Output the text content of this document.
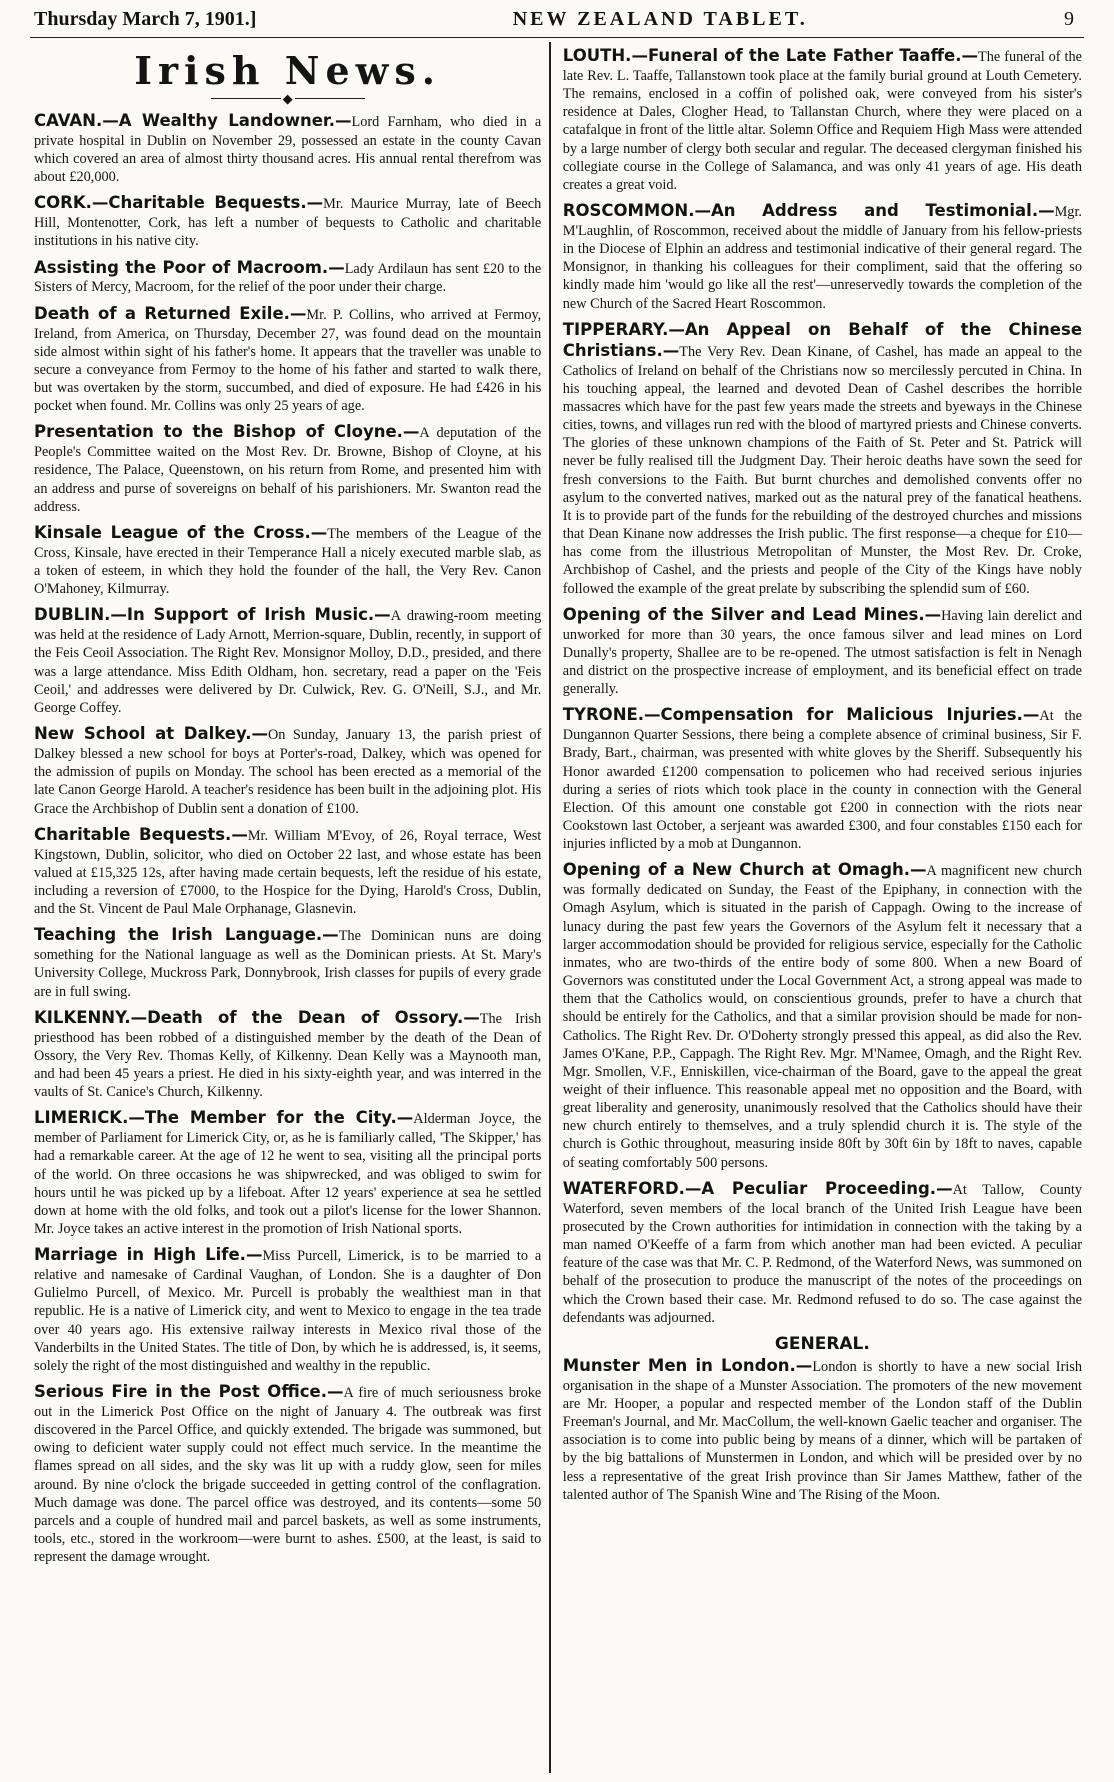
Thursday March 7, 1901.]	NEW ZEALAND TABLET.	9
Irish News.
◆

CAVAN.—A Wealthy Landowner.—Lord Farnham, who died in a private hospital in Dublin on November 29, possessed an estate in the county Cavan which covered an area of almost thirty thousand acres. His annual rental therefrom was about £20,000.

CORK.—Charitable Bequests.—Mr. Maurice Murray, late of Beech Hill, Montenotter, Cork, has left a number of bequests to Catholic and charitable institutions in his native city.

Assisting the Poor of Macroom.—Lady Ardilaun has sent £20 to the Sisters of Mercy, Macroom, for the relief of the poor under their charge.

Death of a Returned Exile.—Mr. P. Collins, who arrived at Fermoy, Ireland, from America, on Thursday, December 27, was found dead on the mountain side almost within sight of his father's home. It appears that the traveller was unable to secure a conveyance from Fermoy to the home of his father and started to walk there, but was overtaken by the storm, succumbed, and died of exposure. He had £426 in his pocket when found. Mr. Collins was only 25 years of age.

Presentation to the Bishop of Cloyne.—A deputation of the People's Committee waited on the Most Rev. Dr. Browne, Bishop of Cloyne, at his residence, The Palace, Queenstown, on his return from Rome, and presented him with an address and purse of sovereigns on behalf of his parishioners. Mr. Swanton read the address.

Kinsale League of the Cross.—The members of the League of the Cross, Kinsale, have erected in their Temperance Hall a nicely executed marble slab, as a token of esteem, in which they hold the founder of the hall, the Very Rev. Canon O'Mahoney, Kilmurray.

DUBLIN.—In Support of Irish Music.—A drawing-room meeting was held at the residence of Lady Arnott, Merrion-square, Dublin, recently, in support of the Feis Ceoil Association. The Right Rev. Monsignor Molloy, D.D., presided, and there was a large attendance. Miss Edith Oldham, hon. secretary, read a paper on the 'Feis Ceoil,' and addresses were delivered by Dr. Culwick, Rev. G. O'Neill, S.J., and Mr. George Coffey.

New School at Dalkey.—On Sunday, January 13, the parish priest of Dalkey blessed a new school for boys at Porter's-road, Dalkey, which was opened for the admission of pupils on Monday. The school has been erected as a memorial of the late Canon George Harold. A teacher's residence has been built in the adjoining plot. His Grace the Archbishop of Dublin sent a donation of £100.

Charitable Bequests.—Mr. William M'Evoy, of 26, Royal terrace, West Kingstown, Dublin, solicitor, who died on October 22 last, and whose estate has been valued at £15,325 12s, after having made certain bequests, left the residue of his estate, including a reversion of £7000, to the Hospice for the Dying, Harold's Cross, Dublin, and the St. Vincent de Paul Male Orphanage, Glasnevin.

Teaching the Irish Language.—The Dominican nuns are doing something for the National language as well as the Dominican priests. At St. Mary's University College, Muckross Park, Donnybrook, Irish classes for pupils of every grade are in full swing.

KILKENNY.—Death of the Dean of Ossory.—The Irish priesthood has been robbed of a distinguished member by the death of the Dean of Ossory, the Very Rev. Thomas Kelly, of Kilkenny. Dean Kelly was a Maynooth man, and had been 45 years a priest. He died in his sixty-eighth year, and was interred in the vaults of St. Canice's Church, Kilkenny.

LIMERICK.—The Member for the City.—Alderman Joyce, the member of Parliament for Limerick City, or, as he is familiarly called, 'The Skipper,' has had a remarkable career. At the age of 12 he went to sea, visiting all the principal ports of the world. On three occasions he was shipwrecked, and was obliged to swim for hours until he was picked up by a lifeboat. After 12 years' experience at sea he settled down at home with the old folks, and took out a pilot's license for the lower Shannon. Mr. Joyce takes an active interest in the promotion of Irish National sports.

Marriage in High Life.—Miss Purcell, Limerick, is to be married to a relative and namesake of Cardinal Vaughan, of London. She is a daughter of Don Gulielmo Purcell, of Mexico. Mr. Purcell is probably the wealthiest man in that republic. He is a native of Limerick city, and went to Mexico to engage in the tea trade over 40 years ago. His extensive railway interests in Mexico rival those of the Vanderbilts in the United States. The title of Don, by which he is addressed, is, it seems, solely the right of the most distinguished and wealthy in the republic.

Serious Fire in the Post Office.—A fire of much seriousness broke out in the Limerick Post Office on the night of January 4. The outbreak was first discovered in the Parcel Office, and quickly extended. The brigade was summoned, but owing to deficient water supply could not effect much service. In the meantime the flames spread on all sides, and the sky was lit up with a ruddy glow, seen for miles around. By nine o'clock the brigade succeeded in getting control of the conflagration. Much damage was done. The parcel office was destroyed, and its contents—some 50 parcels and a couple of hundred mail and parcel baskets, as well as some instruments, tools, etc., stored in the workroom—were burnt to ashes. £500, at the least, is said to represent the damage wrought.

LOUTH.—Funeral of the Late Father Taaffe.—The funeral of the late Rev. L. Taaffe, Tallanstown took place at the family burial ground at Louth Cemetery. The remains, enclosed in a coffin of polished oak, were conveyed from his sister's residence at Dales, Clogher Head, to Tallanstan Church, where they were placed on a catafalque in front of the little altar. Solemn Office and Requiem High Mass were attended by a large number of clergy both secular and regular. The deceased clergyman finished his collegiate course in the College of Salamanca, and was only 41 years of age. His death creates a great void.

ROSCOMMON.—An Address and Testimonial.—Mgr. M'Laughlin, of Roscommon, received about the middle of January from his fellow-priests in the Diocese of Elphin an address and testimonial indicative of their general regard. The Monsignor, in thanking his colleagues for their compliment, said that the offering so kindly made him 'would go like all the rest'—unreservedly towards the completion of the new Church of the Sacred Heart Roscommon.

TIPPERARY.—An Appeal on Behalf of the Chinese Christians.—The Very Rev. Dean Kinane, of Cashel, has made an appeal to the Catholics of Ireland on behalf of the Christians now so mercilessly percuted in China. In his touching appeal, the learned and devoted Dean of Cashel describes the horrible massacres which have for the past few years made the streets and byeways in the Chinese cities, towns, and villages run red with the blood of martyred priests and Chinese converts. The glories of these unknown champions of the Faith of St. Peter and St. Patrick will never be fully realised till the Judgment Day. Their heroic deaths have sown the seed for fresh conversions to the Faith. But burnt churches and demolished convents offer no asylum to the converted natives, marked out as the natural prey of the fanatical heathens. It is to provide part of the funds for the rebuilding of the destroyed churches and missions that Dean Kinane now addresses the Irish public. The first response—a cheque for £10—has come from the illustrious Metropolitan of Munster, the Most Rev. Dr. Croke, Archbishop of Cashel, and the priests and people of the City of the Kings have nobly followed the example of the great prelate by subscribing the splendid sum of £60.

Opening of the Silver and Lead Mines.—Having lain derelict and unworked for more than 30 years, the once famous silver and lead mines on Lord Dunally's property, Shallee are to be re-opened. The utmost satisfaction is felt in Nenagh and district on the prospective increase of employment, and its beneficial effect on trade generally.

TYRONE.—Compensation for Malicious Injuries.—At the Dungannon Quarter Sessions, there being a complete absence of criminal business, Sir F. Brady, Bart., chairman, was presented with white gloves by the Sheriff. Subsequently his Honor awarded £1200 compensation to policemen who had received serious injuries during a series of riots which took place in the county in connection with the General Election. Of this amount one constable got £200 in connection with the riots near Cookstown last October, a serjeant was awarded £300, and four constables £150 each for injuries inflicted by a mob at Dungannon.

Opening of a New Church at Omagh.—A magnificent new church was formally dedicated on Sunday, the Feast of the Epiphany, in connection with the Omagh Asylum, which is situated in the parish of Cappagh. Owing to the increase of lunacy during the past few years the Governors of the Asylum felt it necessary that a larger accommodation should be provided for religious service, especially for the Catholic inmates, who are two-thirds of the entire body of some 800. When a new Board of Governors was constituted under the Local Government Act, a strong appeal was made to them that the Catholics would, on conscientious grounds, prefer to have a church that should be entirely for the Catholics, and that a similar provision should be made for non-Catholics. The Right Rev. Dr. O'Doherty strongly pressed this appeal, as did also the Rev. James O'Kane, P.P., Cappagh. The Right Rev. Mgr. M'Namee, Omagh, and the Right Rev. Mgr. Smollen, V.F., Enniskillen, vice-chairman of the Board, gave to the appeal the great weight of their influence. This reasonable appeal met no opposition and the Board, with great liberality and generosity, unanimously resolved that the Catholics should have their new church entirely to themselves, and a truly splendid church it is. The style of the church is Gothic throughout, measuring inside 80ft by 30ft 6in by 18ft to naves, capable of seating comfortably 500 persons.

WATERFORD.—A Peculiar Proceeding.—At Tallow, County Waterford, seven members of the local branch of the United Irish League have been prosecuted by the Crown authorities for intimidation in connection with the taking by a man named O'Keeffe of a farm from which another man had been evicted. A peculiar feature of the case was that Mr. C. P. Redmond, of the Waterford News, was summoned on behalf of the prosecution to produce the manuscript of the notes of the proceedings on which the Crown based their case. Mr. Redmond refused to do so. The case against the defendants was adjourned.

GENERAL.

Munster Men in London.—London is shortly to have a new social Irish organisation in the shape of a Munster Association. The promoters of the new movement are Mr. Hooper, a popular and respected member of the London staff of the Dublin Freeman's Journal, and Mr. MacCollum, the well-known Gaelic teacher and organiser. The association is to come into public being by means of a dinner, which will be partaken of by the big battalions of Munstermen in London, and which will be presided over by no less a representative of the great Irish province than Sir James Matthew, father of the talented author of The Spanish Wine and The Rising of the Moon.
